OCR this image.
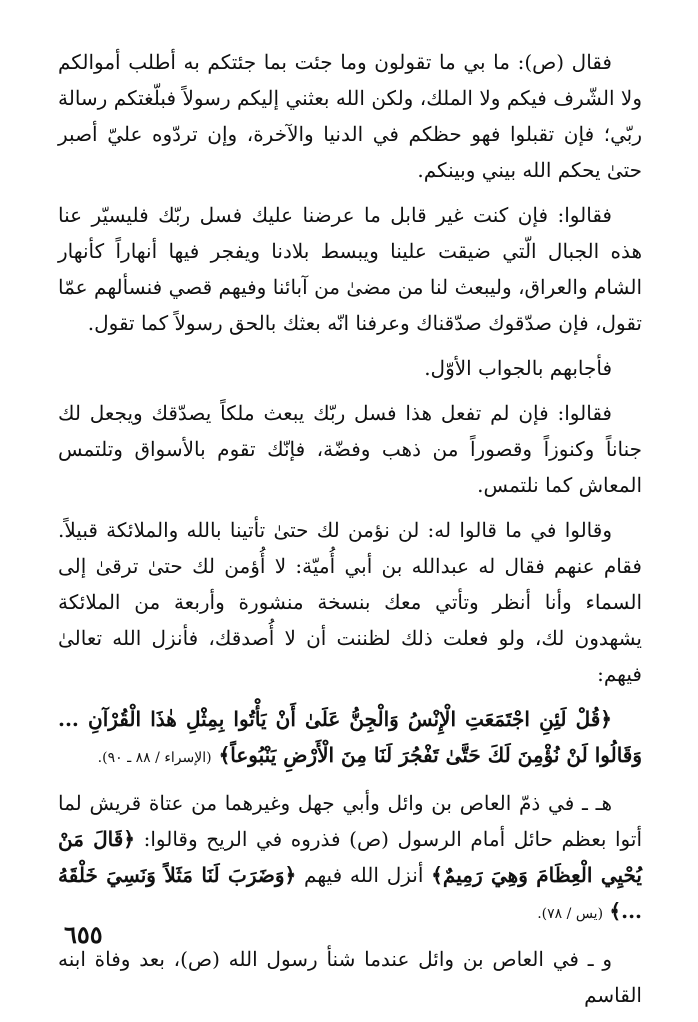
فقال (ص): ما بي ما تقولون وما جئت بما جئتكم به أطلب أموالكم ولا الشّرف فيكم ولا الملك، ولكن الله بعثني إليكم رسولاً فبلّغتكم رسالة ربّي؛ فإن تقبلوا فهو حظكم في الدنيا والآخرة، وإن تردّوه عليّ أصبر حتىٰ يحكم الله بيني وبينكم.

فقالوا: فإن كنت غير قابل ما عرضنا عليك فسل ربّك فليسيّر عنا هذه الجبال الّتي ضيقت علينا ويبسط بلادنا ويفجر فيها أنهاراً كأنهار الشام والعراق، وليبعث لنا من مضىٰ من آبائنا وفيهم قصي فنسألهم عمّا تقول، فإن صدّقوك صدّقناك وعرفنا انّه بعثك بالحق رسولاً كما تقول.

فأجابهم بالجواب الأوّل.

فقالوا: فإن لم تفعل هذا فسل ربّك يبعث ملكاً يصدّقك ويجعل لك جناناً وكنوزاً وقصوراً من ذهب وفضّة، فإنّك تقوم بالأسواق وتلتمس المعاش كما نلتمس.

وقالوا في ما قالوا له: لن نؤمن لك حتىٰ تأتينا بالله والملائكة قبيلاً. فقام عنهم فقال له عبدالله بن أبي أُميّة: لا أُؤمن لك حتىٰ ترقىٰ إلى السماء وأنا أنظر وتأتي معك بنسخة منشورة وأربعة من الملائكة يشهدون لك، ولو فعلت ذلك لظننت أن لا أُصدقك، فأنزل الله تعالىٰ فيهم:

﴿قُلْ لَئِنِ اجْتَمَعَتِ الْإِنْسُ وَالْجِنُّ عَلَىٰ أَنْ يَأْتُوا بِمِثْلِ هٰذَا الْقُرْآنِ ... وَقَالُوا لَنْ نُؤْمِنَ لَكَ حَتَّىٰ تَفْجُرَ لَنَا مِنَ الْأَرْضِ يَنْبُوعاً﴾ (الإسراء / ٨٨ ـ ٩٠).

هـ ـ في ذمّ العاص بن وائل وأبي جهل وغيرهما من عتاة قريش لما أتوا بعظم حائل أمام الرسول (ص) فذروه في الريح وقالوا: ﴿قَالَ مَنْ يُحْيِي الْعِظَامَ وَهِيَ رَمِيمٌ﴾ أنزل الله فيهم ﴿وَضَرَبَ لَنَا مَثَلاً وَنَسِيَ خَلْقَهُ ...﴾ (يس / ٧٨).

و ـ في العاص بن وائل عندما شنأ رسول الله (ص)، بعد وفاة ابنه القاسم

٦٥٥
